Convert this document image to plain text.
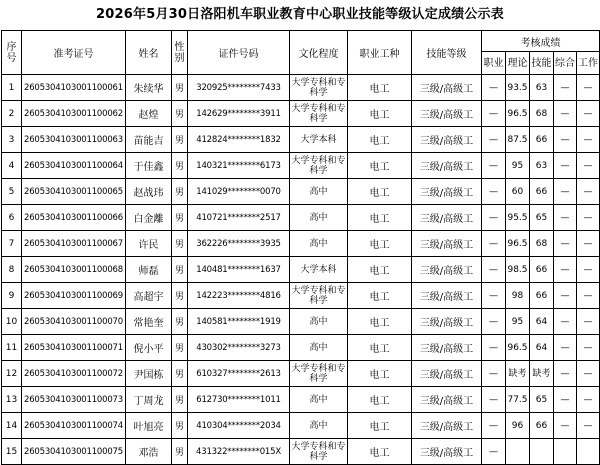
2026年5月30日洛阳机车职业教育中心职业技能等级认定成绩公示表
序号	准考证号	姓名	性别	证件号码	文化程度	职业工种	技能等级	考核成绩				
								职业	理论	技能	综合	工作
1	2605304103001100061	朱续华	男	320925********7433	大学专科和专科学	电工	三级/高级工	—	93.5	63	—	—
2	2605304103001100062	赵煌	男	142629********3911	大学专科和专科学	电工	三级/高级工	—	96.5	68	—	—
3	2605304103001100063	苗能吉	男	412824********1832	大学本科	电工	三级/高级工	—	87.5	66	—	—
4	2605304103001100064	于佳鑫	男	140321********6173	大学专科和专科学	电工	三级/高级工	—	95	63	—	—
5	2605304103001100065	赵战玮	男	141029********0070	高中	电工	三级/高级工	—	60	66	—	—
6	2605304103001100066	白金離	男	410721********2517	高中	电工	三级/高级工	—	95.5	65	—	—
7	2605304103001100067	许民	男	362226********3935	高中	电工	三级/高级工	—	96.5	68	—	—
8	2605304103001100068	师磊	男	140481********1637	大学本科	电工	三级/高级工	—	98.5	66	—	—
9	2605304103001100069	高超宇	男	142223********4816	大学专科和专科学	电工	三级/高级工	—	98	66	—	—
10	2605304103001100070	常艳奎	男	140581********1919	高中	电工	三级/高级工	—	95	64	—	—
11	2605304103001100071	倪小平	男	430302********3273	高中	电工	三级/高级工	—	96.5	64	—	—
12	2605304103001100072	尹国栋	男	610327********2613	大学专科和专科学	电工	三级/高级工	—	缺考	缺考	—	—
13	2605304103001100073	丁周龙	男	612730********1011	高中	电工	三级/高级工	—	77.5	65	—	—
14	2605304103001100074	叶旭亮	男	410304********2034	高中	电工	三级/高级工	—	96	66	—	—
15	2605304103001100075	邓浩	男	431322********015X	大学专科和专科学	电工	三级/高级工	—				
